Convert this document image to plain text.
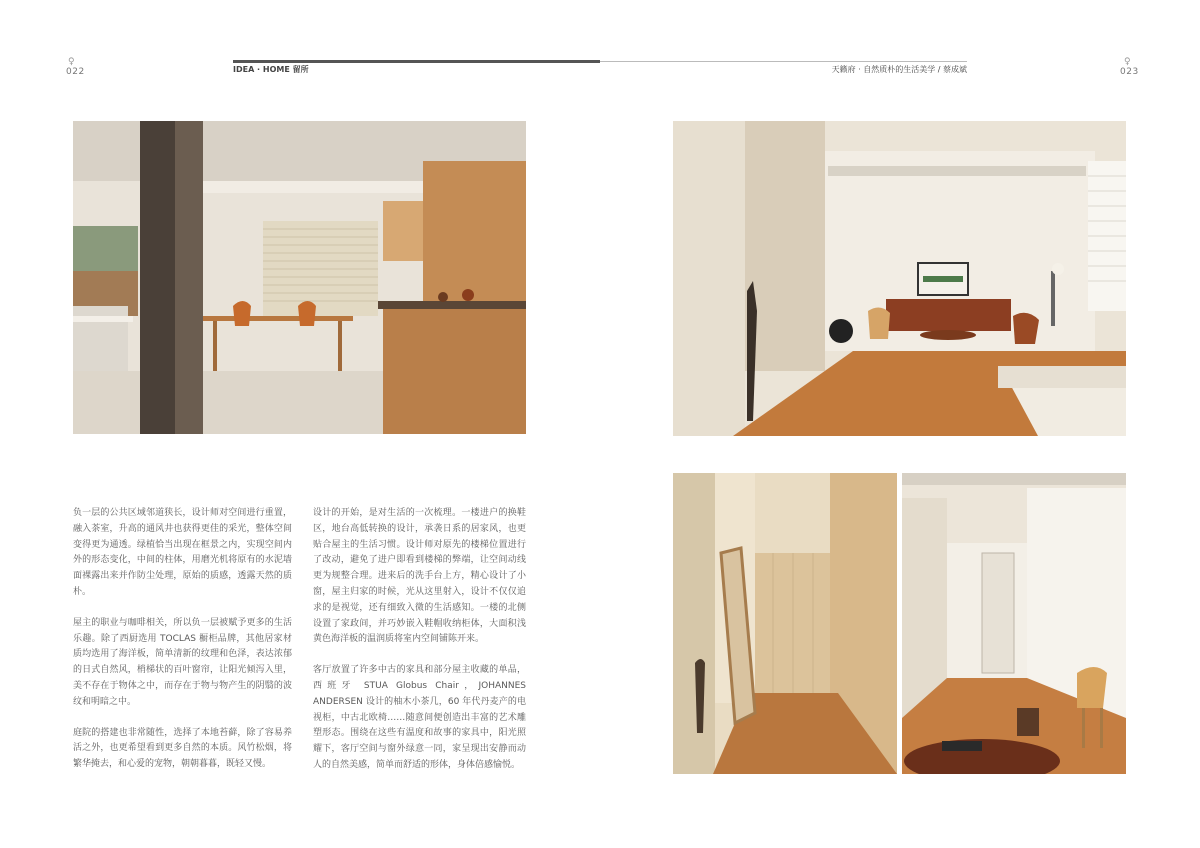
♀
022	IDEA · HOME 留所
♀
023
天籁府 · 自然质朴的生活美学 / 蔡成斌

负一层的公共区域邻道狭长，设计师对空间进行重置，融入茶室，升高的通风井也获得更佳的采光，整体空间变得更为通透。绿植恰当出现在框景之内，实现空间内外的形态变化，中间的柱体，用磨光机将原有的水泥墙面裸露出来并作防尘处理，原始的质感，透露天然的质朴。

屋主的职业与咖啡相关，所以负一层被赋予更多的生活乐趣。除了西厨选用 TOCLAS 橱柜品牌，其他居家材质均选用了海洋板，简单清新的纹理和色泽，表达浓郁的日式自然风，梢梯状的百叶窗帘，让阳光倾泻入里，美不存在于物体之中，而存在于物与物产生的阴翳的波纹和明暗之中。

庭院的搭建也非常随性，选择了本地苔藓，除了容易养活之外，也更希望看到更多自然的本质。风竹松烟，将繁华掩去，和心爱的宠物，朝朝暮暮，既轻又慢。

设计的开始，是对生活的一次梳理。一楼进户的换鞋区，地台高低转换的设计，承袭日系的居家风，也更贴合屋主的生活习惯。设计师对原先的楼梯位置进行了改动，避免了进户即看到楼梯的弊端，让空间动线更为规整合理。进来后的洗手台上方，精心设计了小窗，屋主归家的时候，光从这里射入，设计不仅仅追求的是视觉，还有细致入微的生活感知。一楼的北侧设置了家政间，并巧妙嵌入鞋帽收纳柜体，大面积浅黄色海洋板的温润质将室内空间铺陈开来。

客厅放置了许多中古的家具和部分屋主收藏的单品，西班牙 STUA Globus Chair，JOHANNES ANDERSEN 设计的柚木小茶几，60 年代丹麦产的电视柜，中古北欧椅……随意间便创造出丰富的艺术雕塑形态。围绕在这些有温度和故事的家具中，阳光照耀下，客厅空间与窗外绿意一同，家呈现出安静而动人的自然美感，简单而舒适的形体，身体倍感愉悦。
